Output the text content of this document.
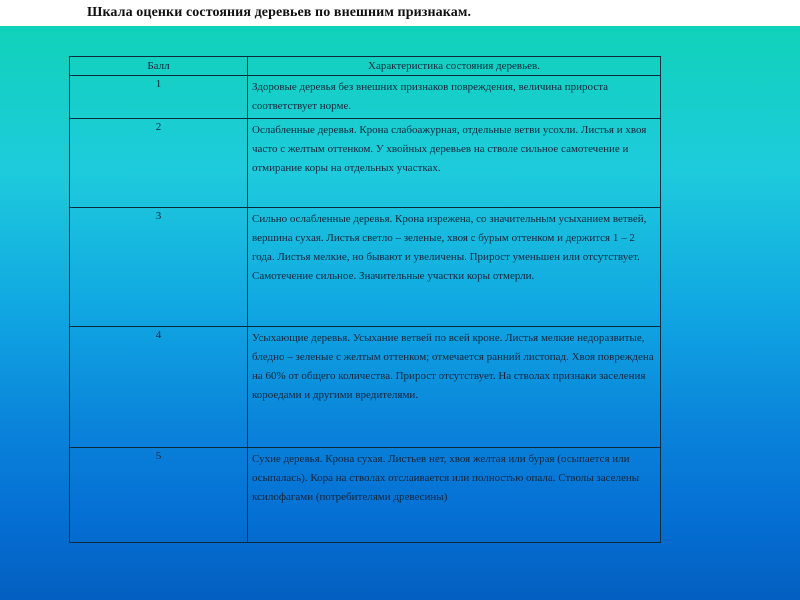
Шкала оценки состояния деревьев по внешним признакам.
Балл	Характеристика состояния деревьев.
1	Здоровые деревья без внешних признаков повреждения, величина прироста соответствует норме.
2	Ослабленные деревья. Крона слабоажурная, отдельные ветви усохли. Листья и хвоя часто с желтым оттенком. У хвойных деревьев на стволе сильное самотечение и отмирание коры на отдельных участках.
3	Сильно ослабленные деревья. Крона изрежена, со значительным усыханием ветвей, вершина сухая. Листья светло – зеленые, хвоя с бурым оттенком и держится 1 – 2 года. Листья мелкие, но бывают и увеличены. Прирост уменьшен или отсутствует. Самотечение сильное. Значительные участки коры отмерли.
4	Усыхающие деревья. Усыхание ветвей по всей кроне. Листья мелкие недоразвитые, бледно – зеленые с желтым оттенком; отмечается ранний листопад. Хвоя повреждена на 60% от общего количества. Прирост отсутствует. На стволах признаки заселения короедами и другими вредителями.
5	Сухие деревья. Крона сухая. Листьев нет, хвоя желтая или бурая (осыпается или осыпалась). Кора на стволах отслаивается или полностью опала. Стволы заселены ксилофагами (потребителями древесины)
